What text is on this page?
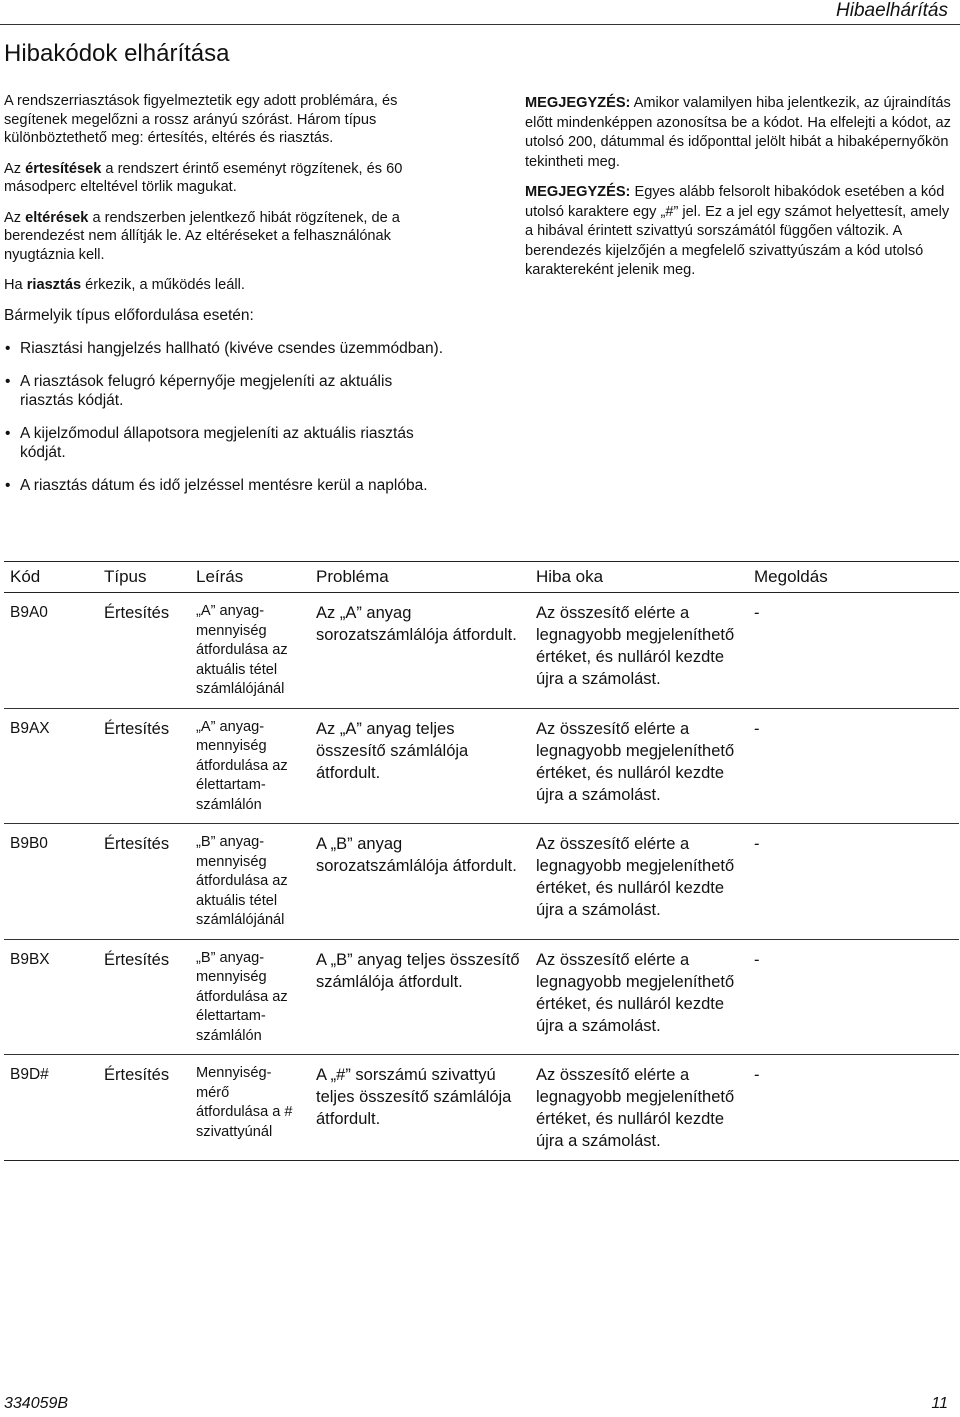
Hibaelhárítás
Hibakódok elhárítása

A rendszerriasztások figyelmeztetik egy adott problémára, és segítenek megelőzni a rossz arányú szórást. Három típus különböztethető meg: értesítés, eltérés és riasztás.

Az értesítések a rendszert érintő eseményt rögzítenek, és 60 másodperc elteltével törlik magukat.

Az eltérések a rendszerben jelentkező hibát rögzítenek, de a berendezést nem állítják le. Az eltéréseket a felhasználónak nyugtáznia kell.

Ha riasztás érkezik, a működés leáll.

Bármelyik típus előfordulása esetén:

• Riasztási hangjelzés hallható (kivéve csendes üzemmódban).
• A riasztások felugró képernyője megjeleníti az aktuális riasztás kódját.
• A kijelzőmodul állapotsora megjeleníti az aktuális riasztás kódját.
• A riasztás dátum és idő jelzéssel mentésre kerül a naplóba.

MEGJEGYZÉS: Amikor valamilyen hiba jelentkezik, az újraindítás előtt mindenképpen azonosítsa be a kódot. Ha elfelejti a kódot, az utolsó 200, dátummal és időponttal jelölt hibát a hibaképernyőkön tekintheti meg.

MEGJEGYZÉS: Egyes alább felsorolt hibakódok esetében a kód utolsó karaktere egy „#” jel. Ez a jel egy számot helyettesít, amely a hibával érintett szivattyú sorszámától függően változik. A berendezés kijelzőjén a megfelelő szivattyúszám a kód utolsó karaktereként jelenik meg.

Kód	Típus	Leírás	Probléma	Hiba oka	Megoldás
B9A0	Értesítés	„A” anyag-mennyiség átfordulása az aktuális tétel számlálójánál	Az „A” anyag sorozatszámlálója átfordult.	Az összesítő elérte a legnagyobb megjeleníthető értéket, és nulláról kezdte újra a számolást.	-
B9AX	Értesítés	„A” anyag-mennyiség átfordulása az élettartam-számlálón	Az „A” anyag teljes összesítő számlálója átfordult.	Az összesítő elérte a legnagyobb megjeleníthető értéket, és nulláról kezdte újra a számolást.	-
B9B0	Értesítés	„B” anyag-mennyiség átfordulása az aktuális tétel számlálójánál	A „B” anyag sorozatszámlálója átfordult.	Az összesítő elérte a legnagyobb megjeleníthető értéket, és nulláról kezdte újra a számolást.	-
B9BX	Értesítés	„B” anyag-mennyiség átfordulása az élettartam-számlálón	A „B” anyag teljes összesítő számlálója átfordult.	Az összesítő elérte a legnagyobb megjeleníthető értéket, és nulláról kezdte újra a számolást.	-
B9D#	Értesítés	Mennyiség-mérő átfordulása a # szivattyúnál	A „#” sorszámú szivattyú teljes összesítő számlálója átfordult.	Az összesítő elérte a legnagyobb megjeleníthető értéket, és nulláról kezdte újra a számolást.	-
334059B	11
